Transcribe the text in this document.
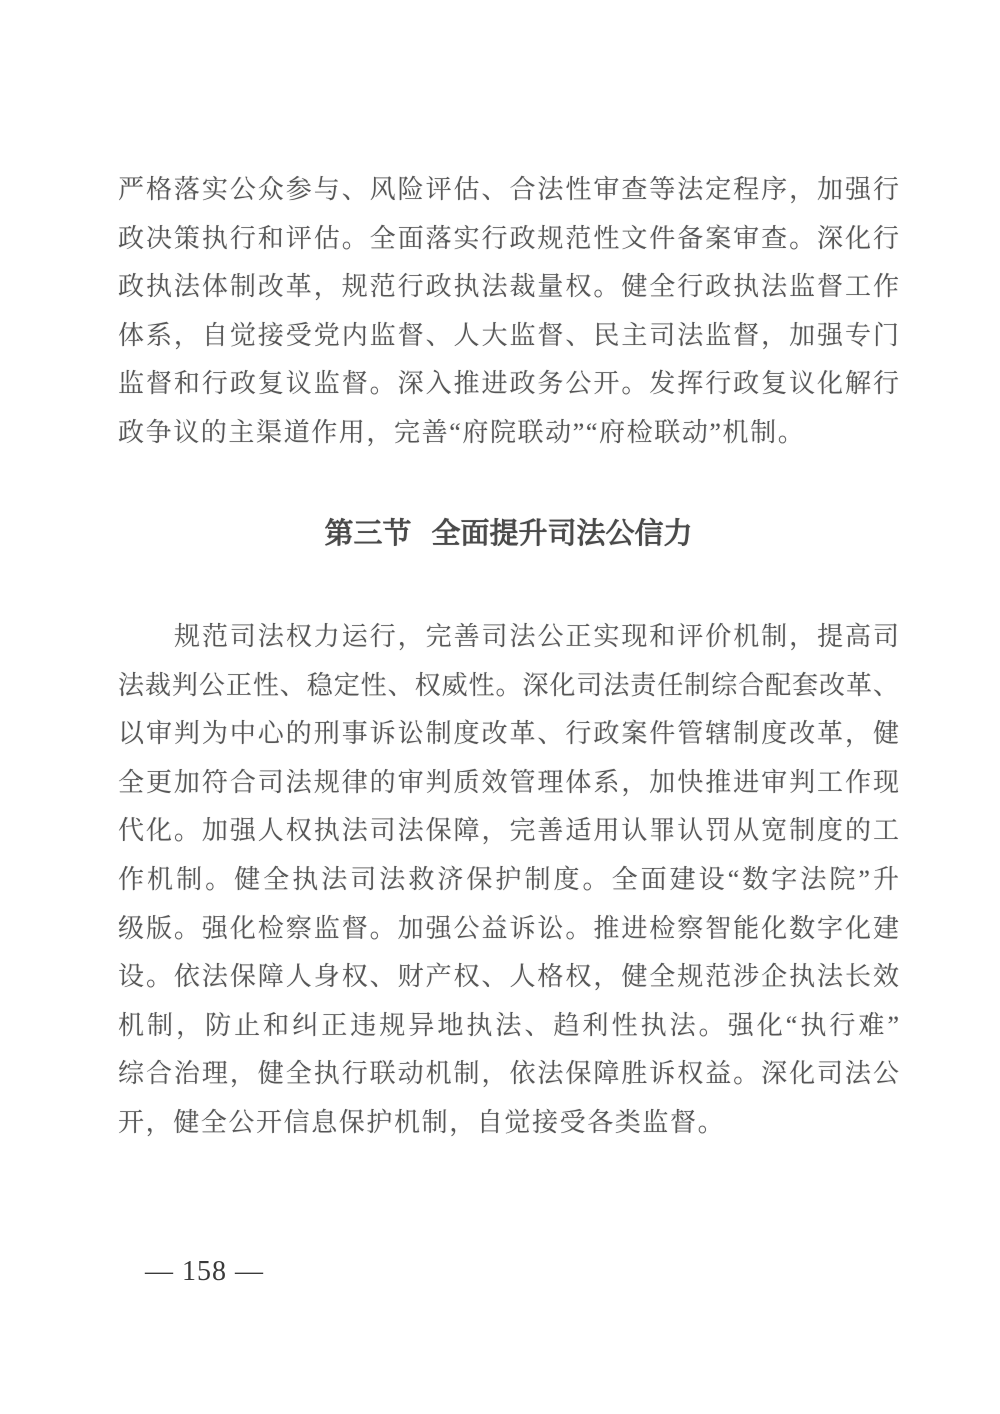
严格落实公众参与、风险评估、合法性审查等法定程序，加强行
政决策执行和评估。全面落实行政规范性文件备案审查。深化行
政执法体制改革，规范行政执法裁量权。健全行政执法监督工作
体系，自觉接受党内监督、人大监督、民主司法监督，加强专门
监督和行政复议监督。深入推进政务公开。发挥行政复议化解行
政争议的主渠道作用，完善“府院联动”“府检联动”机制。
第三节 全面提升司法公信力
规范司法权力运行，完善司法公正实现和评价机制，提高司
法裁判公正性、稳定性、权威性。深化司法责任制综合配套改革、
以审判为中心的刑事诉讼制度改革、行政案件管辖制度改革，健
全更加符合司法规律的审判质效管理体系，加快推进审判工作现
代化。加强人权执法司法保障，完善适用认罪认罚从宽制度的工
作机制。健全执法司法救济保护制度。全面建设“数字法院”升
级版。强化检察监督。加强公益诉讼。推进检察智能化数字化建
设。依法保障人身权、财产权、人格权，健全规范涉企执法长效
机制，防止和纠正违规异地执法、趋利性执法。强化“执行难”
综合治理，健全执行联动机制，依法保障胜诉权益。深化司法公
开，健全公开信息保护机制，自觉接受各类监督。
— 158 —
